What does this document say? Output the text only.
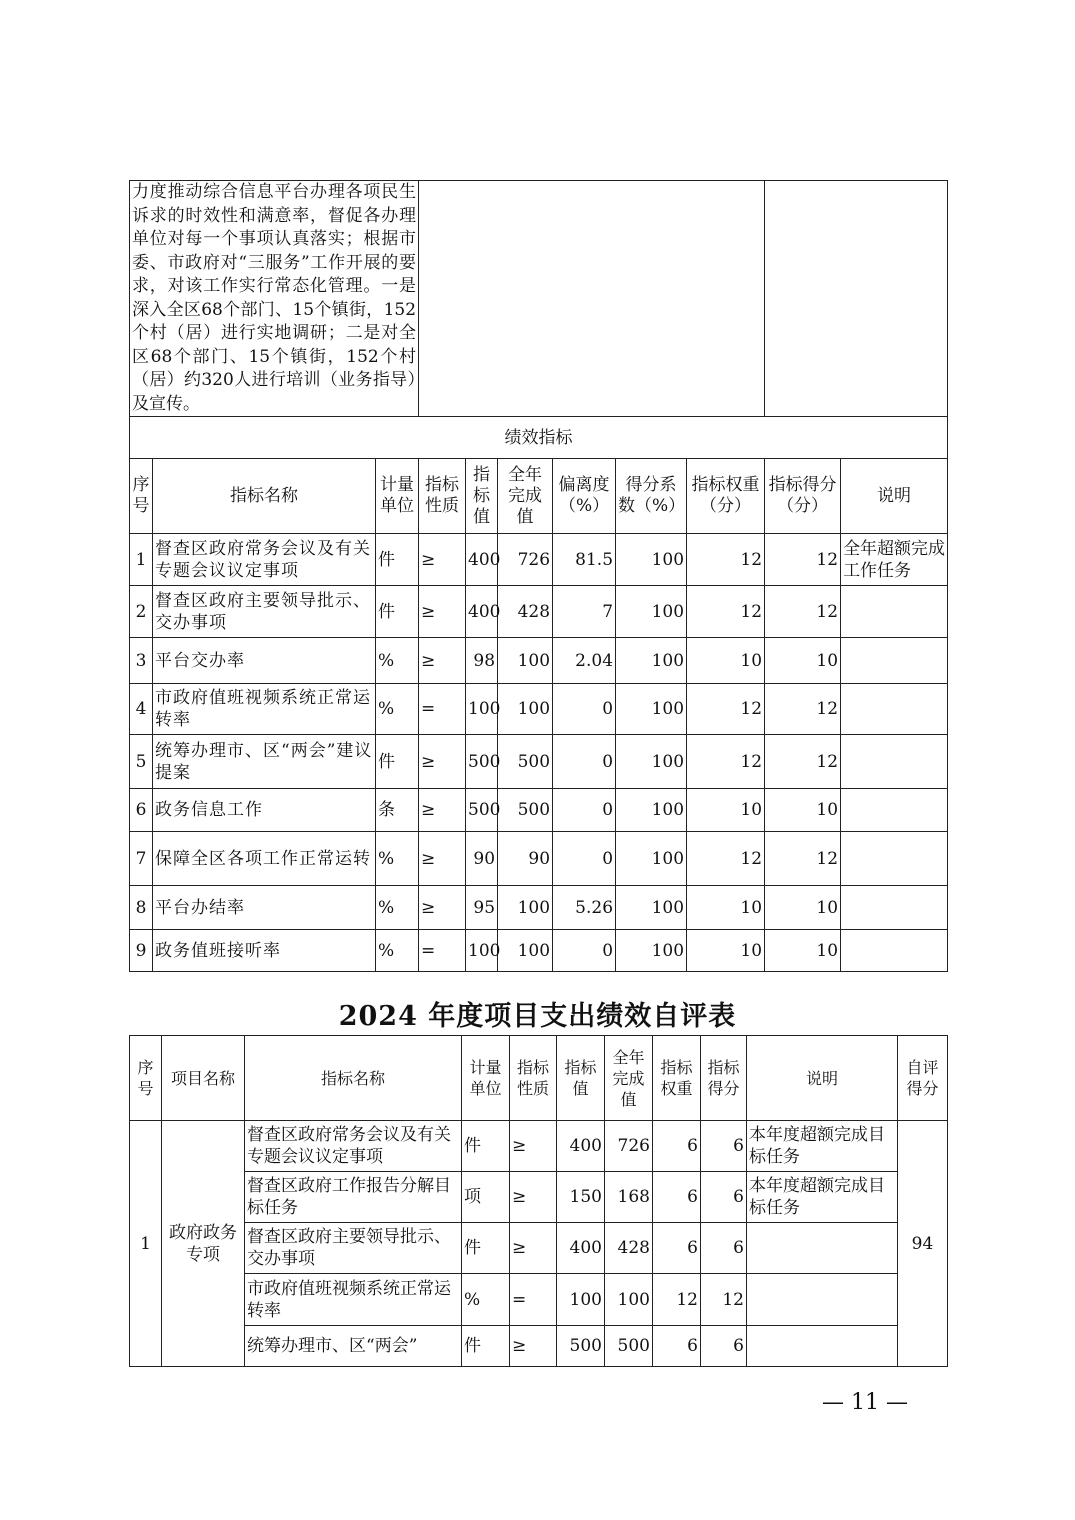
力度推动综合信息平台办理各项民生诉求的时效性和满意率，督促各办理单位对每一个事项认真落实；根据市委、市政府对“三服务”工作开展的要求，对该工作实行常态化管理。一是深入全区68个部门、15个镇街，152个村（居）进行实地调研；二是对全区68个部门、15个镇街，152个村（居）约320人进行培训（业务指导）及宣传。										
绩效指标										
序号	指标名称	计量单位	指标性质	指标值	全年完成值	偏离度（%）	得分系数（%）	指标权重（分）	指标得分（分）	说明
1	督查区政府常务会议及有关专题会议议定事项	件	≥	400	726	81.5	100	12	12	全年超额完成工作任务
2	督查区政府主要领导批示、交办事项	件	≥	400	428	7	100	12	12	
3	平台交办率	%	≥	98	100	2.04	100	10	10	
4	市政府值班视频系统正常运转率	%	=	100	100	0	100	12	12	
5	统筹办理市、区“两会”建议提案	件	≥	500	500	0	100	12	12	
6	政务信息工作	条	≥	500	500	0	100	10	10	
7	保障全区各项工作正常运转	%	≥	90	90	0	100	12	12	
8	平台办结率	%	≥	95	100	5.26	100	10	10	
9	政务值班接听率	%	=	100	100	0	100	10	10	
2024 年度项目支出绩效自评表
序号	项目名称	指标名称	计量单位	指标性质	指标值	全年完成值	指标权重	指标得分	说明	自评得分
1	政府政务专项	督查区政府常务会议及有关专题会议议定事项	件	≥	400	726	6	6	本年度超额完成目标任务	94
		督查区政府工作报告分解目标任务	项	≥	150	168	6	6	本年度超额完成目标任务	
		督查区政府主要领导批示、交办事项	件	≥	400	428	6	6		
		市政府值班视频系统正常运转率	%	=	100	100	12	12		
		统筹办理市、区“两会”	件	≥	500	500	6	6		
— 11 —
